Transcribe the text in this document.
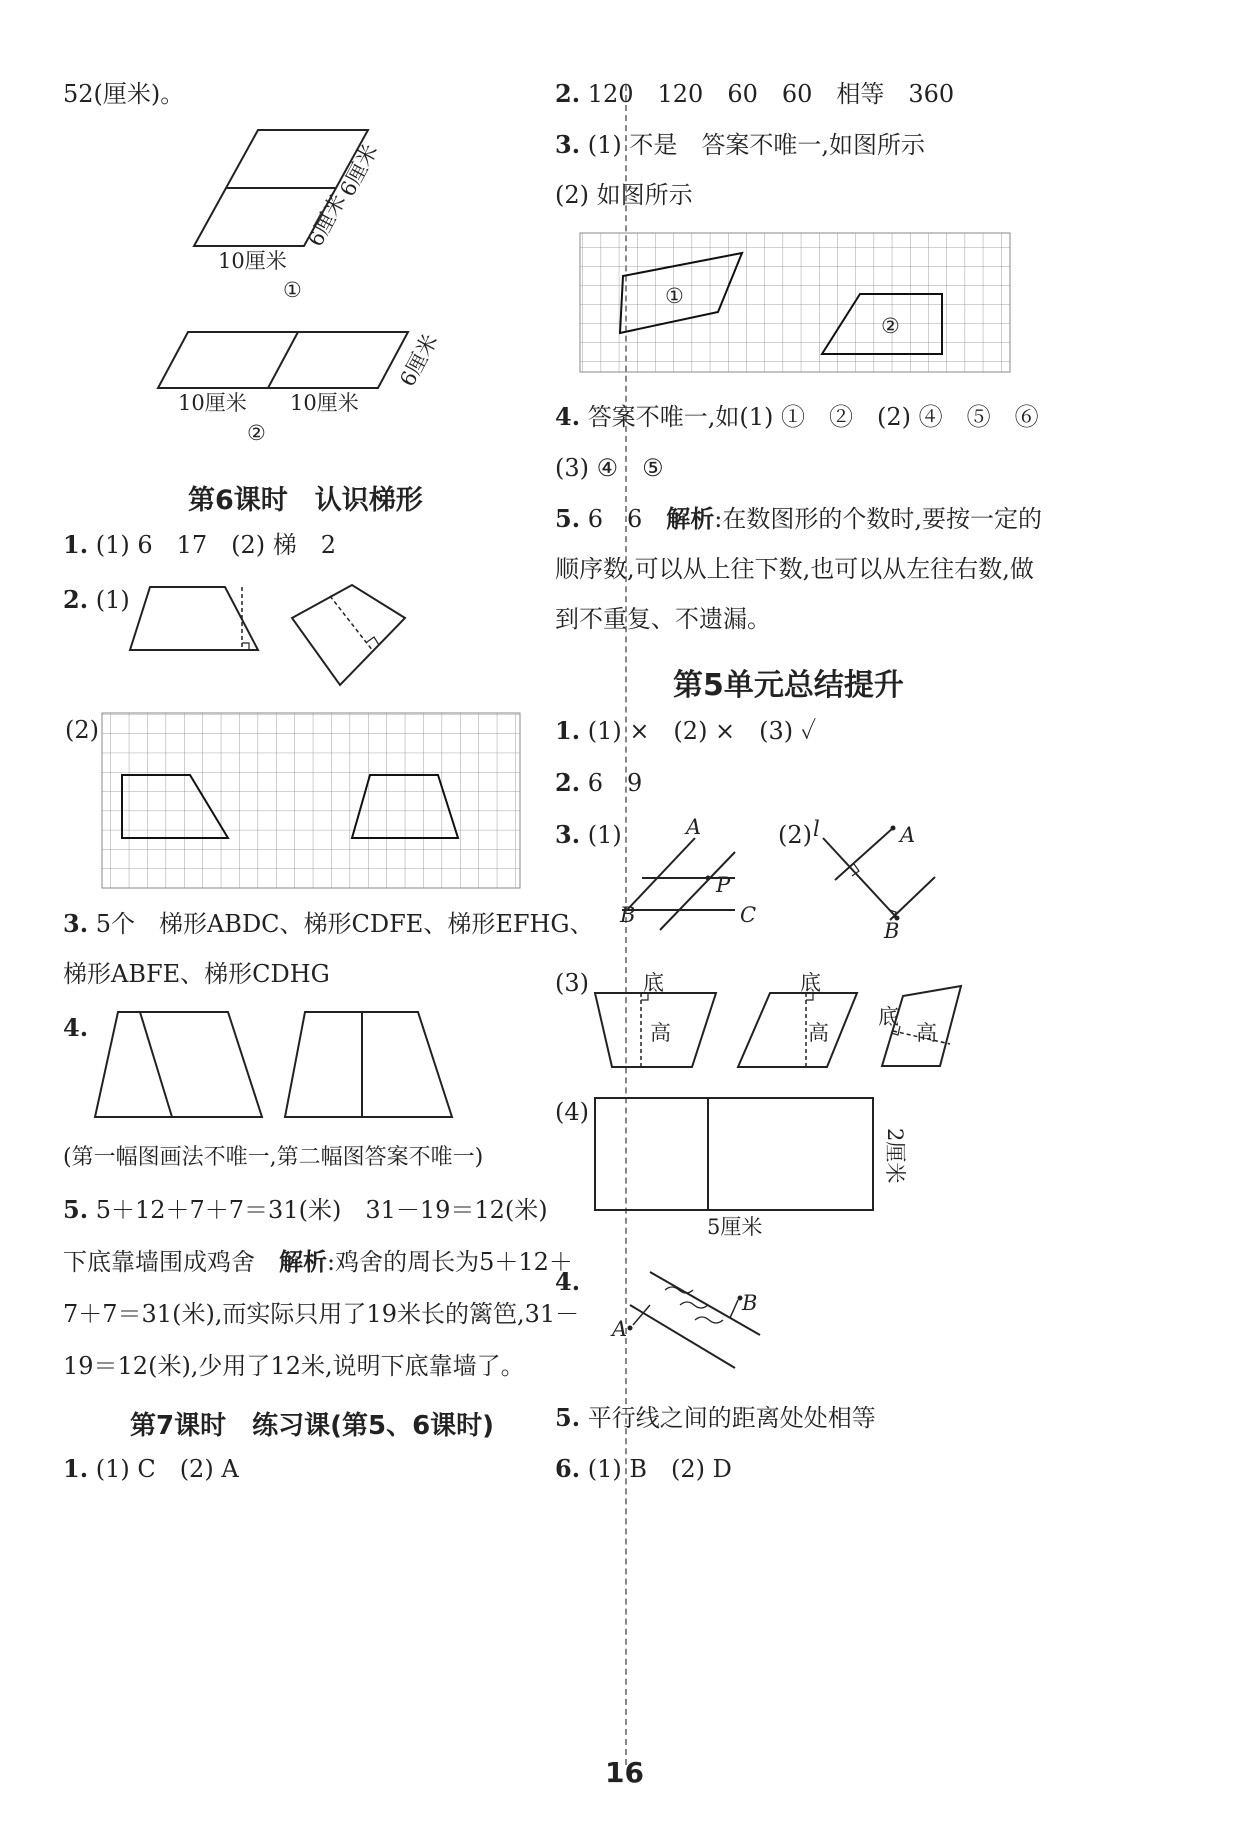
52(厘米)。
10厘米
6厘米
6厘米
①
10厘米 10厘米
6厘米
②
第6课时　认识梯形
1. (1) 6　17　(2) 梯　2
2. (1)
(2)
3. 5个　梯形ABDC、梯形CDFE、梯形EFHG、
梯形ABFE、梯形CDHG
4.
(第一幅图画法不唯一,第二幅图答案不唯一)
5. 5＋12＋7＋7＝31(米)　31－19＝12(米)
下底靠墙围成鸡舍　解析:鸡舍的周长为5＋12＋
7＋7＝31(米),而实际只用了19米长的篱笆,31－
19＝12(米),少用了12米,说明下底靠墙了。
第7课时　练习课(第5、6课时)
1. (1) C　(2) A
2. 120　120　60　60　相等　360
3. (1) 不是　答案不唯一,如图所示
(2) 如图所示
①
②
4. 答案不唯一,如(1) ①　②　(2) ④　⑤　⑥
(3) ④　⑤
5. 6　6　解析:在数图形的个数时,要按一定的
顺序数,可以从上往下数,也可以从左往右数,做
到不重复、不遗漏。
第5单元总结提升
1. (1) ×　(2) ×　(3) ✓
2. 6　9
3. (1)	(2)
A
B	C
P
l	A
B
(3)	底
高
底
高
底
高
(4)
2厘米
5厘米
4.
A
B
5. 平行线之间的距离处处相等
6. (1) B　(2) D
16
